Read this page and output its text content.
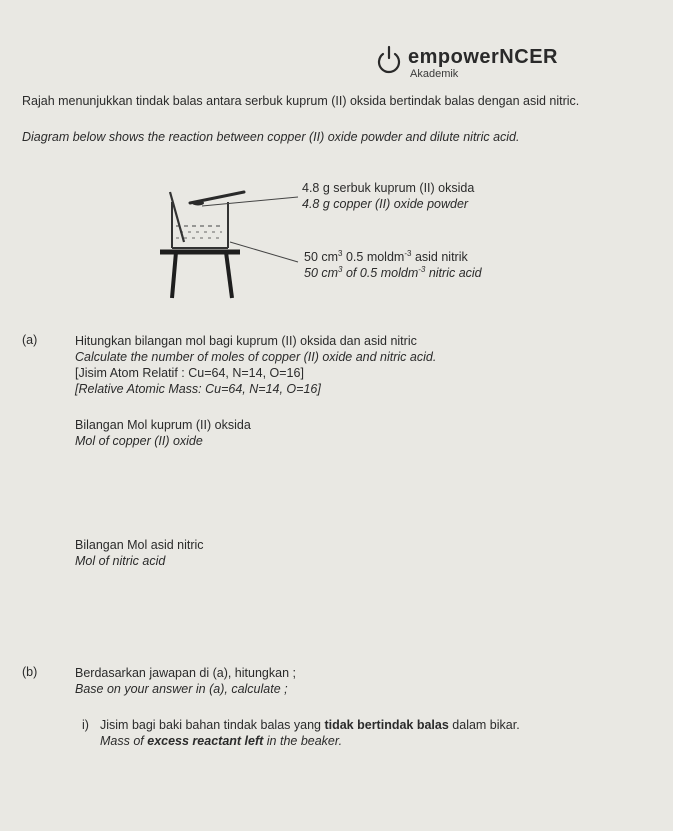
empowerNCER
Akademik
Rajah menunjukkan tindak balas antara serbuk kuprum (II) oksida bertindak balas dengan asid nitric.
Diagram below shows the reaction between copper (II) oxide powder and dilute nitric acid.
4.8 g serbuk kuprum (II) oksida
4.8 g copper (II) oxide powder
50 $cm^3$ 0.5 moldm$^{-3}$ asid nitrik
50 $cm^3$ of 0.5 moldm$^{-3}$ nitric acid
(a)	Hitungkan bilangan mol bagi kuprum (II) oksida dan asid nitric
Calculate the number of moles of copper (II) oxide and nitric acid.
[Jisim Atom Relatif : Cu=64, N=14, O=16]
[Relative Atomic Mass: Cu=64, N=14, O=16]
Bilangan Mol kuprum (II) oksida
Mol of copper (II) oxide
Bilangan Mol asid nitric
Mol of nitric acid
(b)	Berdasarkan jawapan di (a), hitungkan ;
Base on your answer in (a), calculate ;
i) Jisim bagi baki bahan tindak balas yang tidak bertindak balas dalam bikar.
Mass of excess reactant left in the beaker.
